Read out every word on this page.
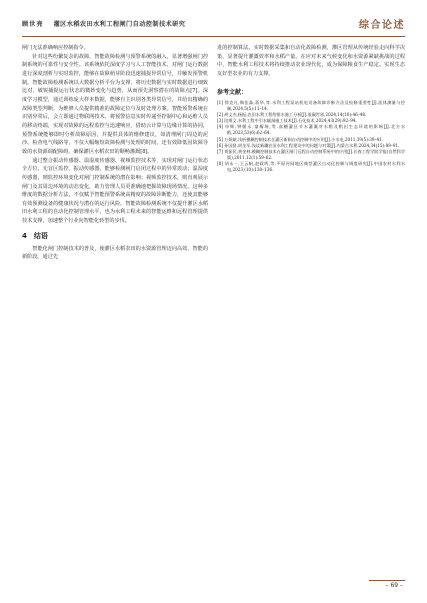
顾世亮 灌区水稻农田水利工程闸门自动控制技术研究	综合论述

闸门无法准确响应控制指令。

针对这些纷繁复杂的故障，智能故障检测与预警系统的融入，显著增强闸门控制系统的可靠性与安全性。该系统依托深度学习与人工智能技术，对闸门运行数据进行深度剖析与实时监控，能够在故障萌芽阶段迅速捕捉异常信号，并触发预警机制。智能故障检测系统以大数据分析平台为支撑，将历史数据与实时数据进行细致比对，敏锐捕捉运行状态的微妙变化与趋势，从而预先洞察潜在的故障点[7]。深度学习模型，通过训练庞大样本数据，能够自主识别各类异常信号，并给出精确的故障类型判断。为维修人员提供精准的故障定位与及时处理方案。智能预警系统在识别异常后，会立即通过物联网技术，将预警信息实时传递至控制中心和运维人员的移动终端，实现对故障的远程监控与迅速响应。借助云计算与边缘计算的协同，预警系统能够即时分析故障原因，并提供具体的维修建议，如清理闸门周边的泥沙、检查电气线路等，不仅大幅缩短故障检测与处理的时间，还有效降低因故障导致的水资源调配障碍，确保灌区水稻农田的顺畅灌溉[8]。

通过整合振动传感器、温湿度传感器、视频监控技术等，实现对闸门运行状态全方位、无盲区监控。振动传感器，能够检测闸门启闭过程中的异常震动；温湿度传感器，则监控环境变化对闸门控制系统的潜在影响；视频监控技术，则直观展示闸门及其周边环境的动态变化，助力管理人员更准确地把握故障现场情况。这种多维度的数据分析方法，不仅赋予智能预警系统高精度的故障诊断能力，还使其能够有效预测设备的健康状况与潜在的运行风险。智能故障检测系统不仅提升灌区水稻田水利工程的自动化控制管理水平，也为水利工程未来的智能运维和远程管理提供技术支撑，加速整个行业向智能化转型的步伐。

4　结语

智能化闸门控制技术的普及，使灌区水稻农田的水资源管理迈向高效、智能的新阶段。通过先

进的控制算法、实时数据采集和自动化故障检测，灌区管理从传统经验走向科学决策，显著提升灌溉效率和水稻产量。在应对未来气候变化和水资源紧缺挑战的过程中，智能水利工程技术将持续推动农业现代化，成为保障粮食生产稳定、实现生态友好型农业的有力支撑。

参考文献：
[1] 徐克凡,陶佳淼,蒋华,等.水利工程泵站机电设备故障诊断方法及检修重要性[J].流体测量与控制,2024,5(5):11–14.
[2] 胡义杰,杨振.农田水利工程给排水施工分析[J].低碳世界,2024,14(10):46–48.
[3] 段维义.水利工程中引水隧洞施工技术[J].石化技术,2024,43(29):92–94.
[4] 申辉,钟朝永,童耀坤,等.血糖灌区节水灌溉对水稻及稻田生态环境的影响[J].北方水稻,2023,53(6):62–64.
[5] 万娟斌.浅析模糊控制技术在灌区新闸自动控制中的应用[J].小水电,2011,39(5):39–41.
[6] 孙国贤,胡龙军.浅谈新疆农田水利工程建设中的问题与对策[J].内蒙古水利,2024,34(15):89–91.
[7] 贾振民,黄金林.模糊控制技术在灌区闸门远程自动控制系统中的应用[J].长春工程学院学报(自然科学版),2011,12(1):59–62.
[8] 胡永一,王云帆,赵政鸣,等.平原河网地区典型灌区自动化控制与调度研究[J].中国农村水利水电,2023,(10):130–136.
– 69 –
